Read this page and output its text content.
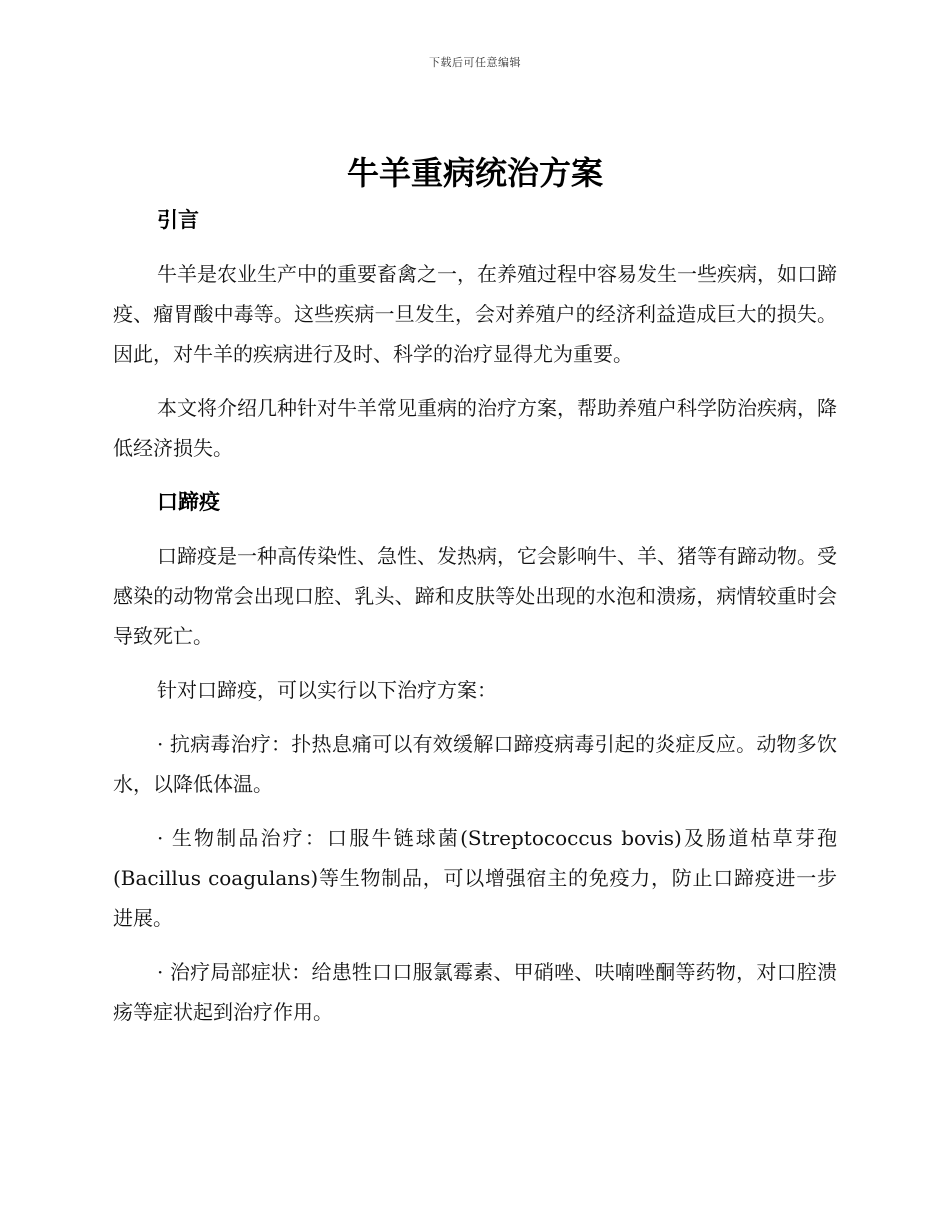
下载后可任意编辑
牛羊重病统治方案
引言

牛羊是农业生产中的重要畜禽之一，在养殖过程中容易发生一些疾病，如口蹄疫、瘤胃酸中毒等。这些疾病一旦发生，会对养殖户的经济利益造成巨大的损失。因此，对牛羊的疾病进行及时、科学的治疗显得尤为重要。

本文将介绍几种针对牛羊常见重病的治疗方案，帮助养殖户科学防治疾病，降低经济损失。

口蹄疫

口蹄疫是一种高传染性、急性、发热病，它会影响牛、羊、猪等有蹄动物。受感染的动物常会出现口腔、乳头、蹄和皮肤等处出现的水泡和溃疡，病情较重时会导致死亡。

针对口蹄疫，可以实行以下治疗方案：

· 抗病毒治疗：扑热息痛可以有效缓解口蹄疫病毒引起的炎症反应。动物多饮水，以降低体温。

· 生物制品治疗：口服牛链球菌(Streptococcus bovis)及肠道枯草芽孢(Bacillus coagulans)等生物制品，可以增强宿主的免疫力，防止口蹄疫进一步进展。

· 治疗局部症状：给患牲口口服氯霉素、甲硝唑、呋喃唑酮等药物，对口腔溃疡等症状起到治疗作用。
